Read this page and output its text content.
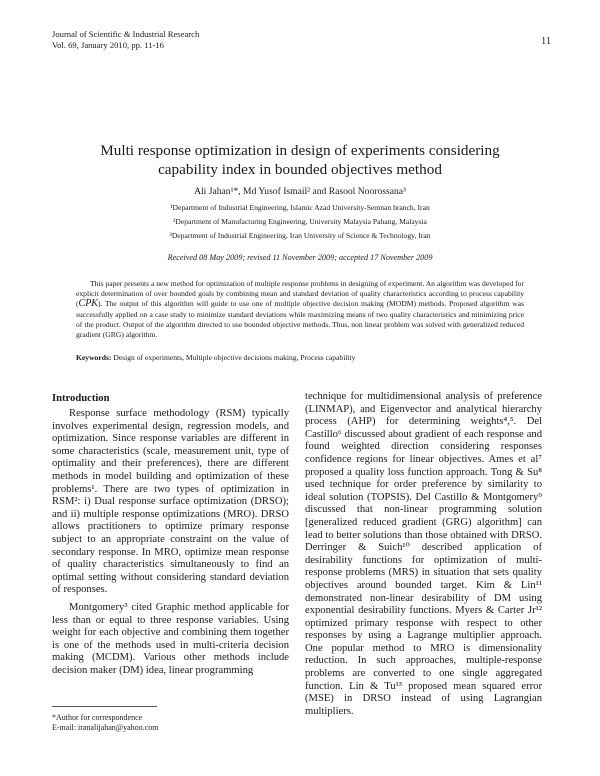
Journal of Scientific & Industrial Research
Vol. 69, January 2010, pp. 11-16	11
Multi response optimization in design of experiments considering
capability index in bounded objectives method
Ali Jahan¹*, Md Yusof Ismail² and Rasool Noorossana³
¹Department of Industrial Engineering, Islamic Azad University-Semnan branch, Iran
²Department of Manufacturing Engineering, University Malaysia Pahang, Malaysia
³Department of Industrial Engineering, Iran University of Science & Technology, Iran
Received 08 May 2009; revised 11 November 2009; accepted 17 November 2009
This paper presents a new method for optimization of multiple response problems in designing of experiment. An algorithm was developed for explicit determination of over bounded goals by combining mean and standard deviation of quality characteristics according to process capability (CPK). The output of this algorithm will guide to use one of multiple objective decision making (MODM) methods. Proposed algorithm was successfully applied on a case study to minimize standard deviations while maximizing means of two quality characteristics and minimizing price of the product. Output of the algorithm directed to use bounded objective methods. Thus, non linear problem was solved with generalized reduced gradient (GRG) algorithm.
Keywords: Design of experiments, Multiple objective decisions making, Process capability
Introduction

Response surface methodology (RSM) typically involves experimental design, regression models, and optimization. Since response variables are different in some characteristics (scale, measurement unit, type of optimality and their preferences), there are different methods in model building and optimization of these problems¹. There are two types of optimization in RSM²: i) Dual response surface optimization (DRSO); and ii) multiple response optimizations (MRO). DRSO allows practitioners to optimize primary response subject to an appropriate constraint on the value of secondary response. In MRO, optimize mean response of quality characteristics simultaneously to find an optimal setting without considering standard deviation of responses.

Montgomery³ cited Graphic method applicable for less than or equal to three response variables. Using weight for each objective and combining them together is one of the methods used in multi-criteria decision making (MCDM). Various other methods include decision maker (DM) idea, linear programming

technique for multidimensional analysis of preference (LINMAP), and Eigenvector and analytical hierarchy process (AHP) for determining weights⁴,⁵. Del Castillo⁶ discussed about gradient of each response and found weighted direction considering responses confidence regions for linear objectives. Ames et al⁷ proposed a quality loss function approach. Tong & Su⁸ used technique for order preference by similarity to ideal solution (TOPSIS). Del Castillo & Montgomery⁹ discussed that non-linear programming solution [generalized reduced gradient (GRG) algorithm] can lead to better solutions than those obtained with DRSO. Derringer & Suich¹⁰ described application of desirability functions for optimization of multi-response problems (MRS) in situation that sets quality objectives around bounded target. Kim & Lin¹¹ demonstrated non-linear desirability of DM using exponential desirability functions. Myers & Carter Jr¹² optimized primary response with respect to other responses by using a Lagrange multiplier approach. One popular method to MRO is dimensionality reduction. In such approaches, multiple-response problems are converted to one single aggregated function. Lin & Tu¹³ proposed mean squared error (MSE) in DRSO instead of using Lagrangian multipliers.

*Author for correspondence
E-mail: iranalijahan@yahoo.com
